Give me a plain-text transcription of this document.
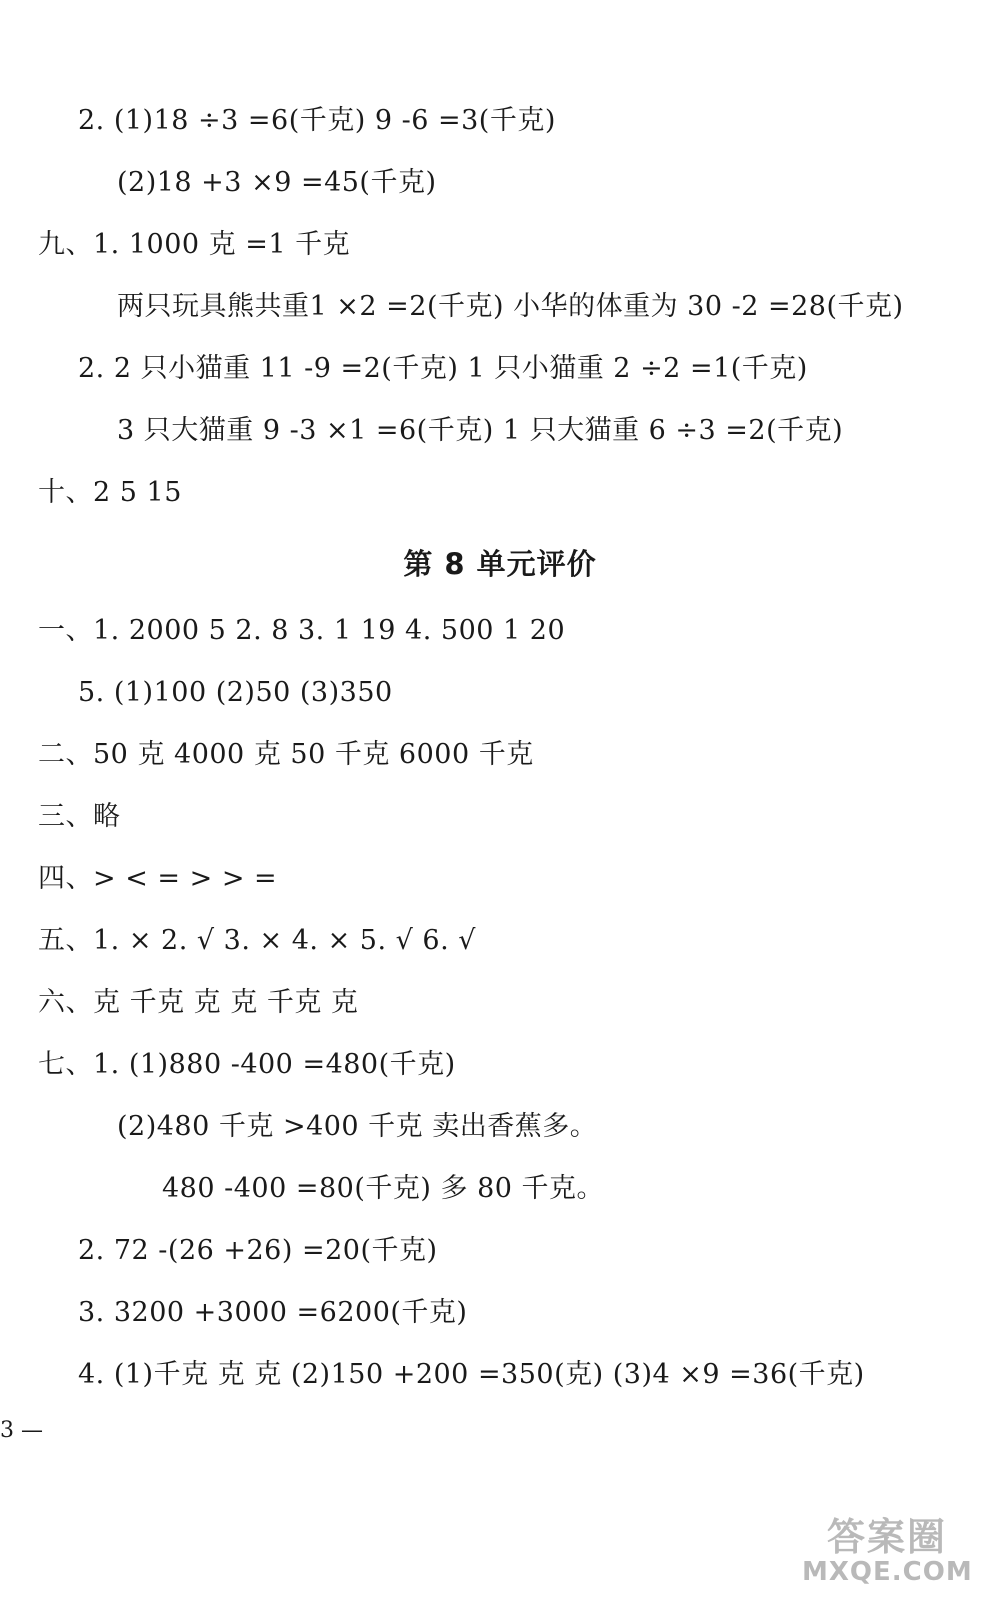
2. (1)18 ÷3 =6(千克) 9 -6 =3(千克)
(2)18 +3 ×9 =45(千克)
九、1. 1000 克 =1 千克
两只玩具熊共重1 ×2 =2(千克) 小华的体重为 30 -2 =28(千克)
2. 2 只小猫重 11 -9 =2(千克) 1 只小猫重 2 ÷2 =1(千克)
3 只大猫重 9 -3 ×1 =6(千克) 1 只大猫重 6 ÷3 =2(千克)
十、2 5 15
第 8 单元评价
一、1. 2000 5 2. 8 3. 1 19 4. 500 1 20
5. (1)100 (2)50 (3)350
二、50 克 4000 克 50 千克 6000 千克
三、略
四、> < = > > =
五、1. × 2. √ 3. × 4. × 5. √ 6. √
六、克 千克 克 克 千克 克
七、1. (1)880 -400 =480(千克)
(2)480 千克 >400 千克 卖出香蕉多。
480 -400 =80(千克) 多 80 千克。
2. 72 -(26 +26) =20(千克)
3. 3200 +3000 =6200(千克)
4. (1)千克 克 克 (2)150 +200 =350(克) (3)4 ×9 =36(千克)
3 —
答案圈
MXQE.COM
